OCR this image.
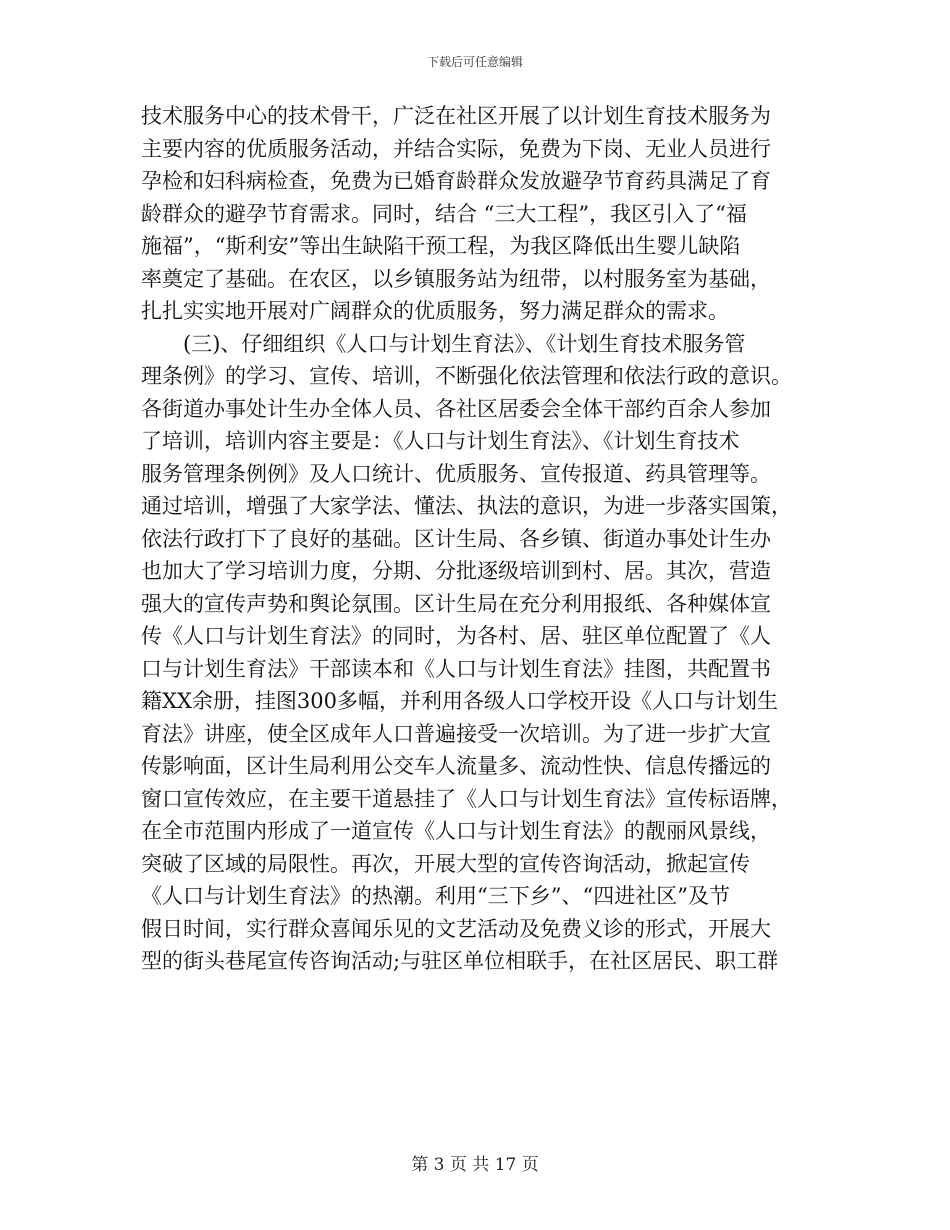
下载后可任意编辑
技术服务中心的技术骨干，广泛在社区开展了以计划生育技术服务为
主要内容的优质服务活动，并结合实际，免费为下岗、无业人员进行
孕检和妇科病检查，免费为已婚育龄群众发放避孕节育药具满足了育
龄群众的避孕节育需求。同时，结合 “三大工程”，我区引入了“福
施福”，“斯利安”等出生缺陷干预工程，为我区降低出生婴儿缺陷
率奠定了基础。在农区，以乡镇服务站为纽带，以村服务室为基础，
扎扎实实地开展对广阔群众的优质服务，努力满足群众的需求。
(三)、仔细组织《人口与计划生育法》、《计划生育技术服务管
理条例》的学习、宣传、培训，不断强化依法管理和依法行政的意识。
各街道办事处计生办全体人员、各社区居委会全体干部约百余人参加
了培训，培训内容主要是：《人口与计划生育法》、《计划生育技术
服务管理条例例》及人口统计、优质服务、宣传报道、药具管理等。
通过培训，增强了大家学法、懂法、执法的意识，为进一步落实国策，
依法行政打下了良好的基础。区计生局、各乡镇、街道办事处计生办
也加大了学习培训力度，分期、分批逐级培训到村、居。其次，营造
强大的宣传声势和舆论氛围。区计生局在充分利用报纸、各种媒体宣
传《人口与计划生育法》的同时，为各村、居、驻区单位配置了《人
口与计划生育法》干部读本和《人口与计划生育法》挂图，共配置书
籍XX余册，挂图300多幅，并利用各级人口学校开设《人口与计划生
育法》讲座，使全区成年人口普遍接受一次培训。为了进一步扩大宣
传影响面，区计生局利用公交车人流量多、流动性快、信息传播远的
窗口宣传效应，在主要干道悬挂了《人口与计划生育法》宣传标语牌，
在全市范围内形成了一道宣传《人口与计划生育法》的靓丽风景线，
突破了区域的局限性。再次，开展大型的宣传咨询活动，掀起宣传
《人口与计划生育法》的热潮。利用“三下乡”、“四进社区”及节
假日时间，实行群众喜闻乐见的文艺活动及免费义诊的形式，开展大
型的街头巷尾宣传咨询活动;与驻区单位相联手，在社区居民、职工群
第 3 页 共 17 页
